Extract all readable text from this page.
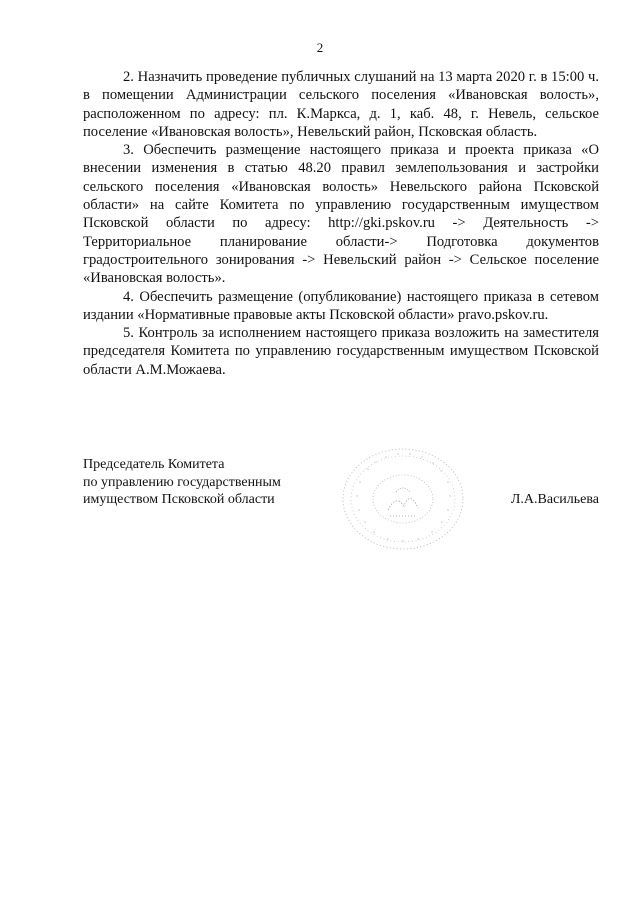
2

2. Назначить проведение публичных слушаний на 13 марта 2020 г. в 15:00 ч. в помещении Администрации сельского поселения «Ивановская волость», расположенном по адресу: пл. К.Маркса, д. 1, каб. 48, г. Невель, сельское поселение «Ивановская волость», Невельский район, Псковская область.

3. Обеспечить размещение настоящего приказа и проекта приказа «О внесении изменения в статью 48.20 правил землепользования и застройки сельского поселения «Ивановская волость» Невельского района Псковской области» на сайте Комитета по управлению государственным имуществом Псковской области по адресу: http://gki.pskov.ru -> Деятельность -> Территориальное планирование области-> Подготовка документов градостроительного зонирования -> Невельский район -> Сельское поселение «Ивановская волость».

4. Обеспечить размещение (опубликование) настоящего приказа в сетевом издании «Нормативные правовые акты Псковской области» pravo.pskov.ru.

5. Контроль за исполнением настоящего приказа возложить на заместителя председателя Комитета по управлению государственным имуществом Псковской области А.М.Можаева.

Председатель Комитета
по управлению государственным
имуществом Псковской области	Л.А.Васильева
